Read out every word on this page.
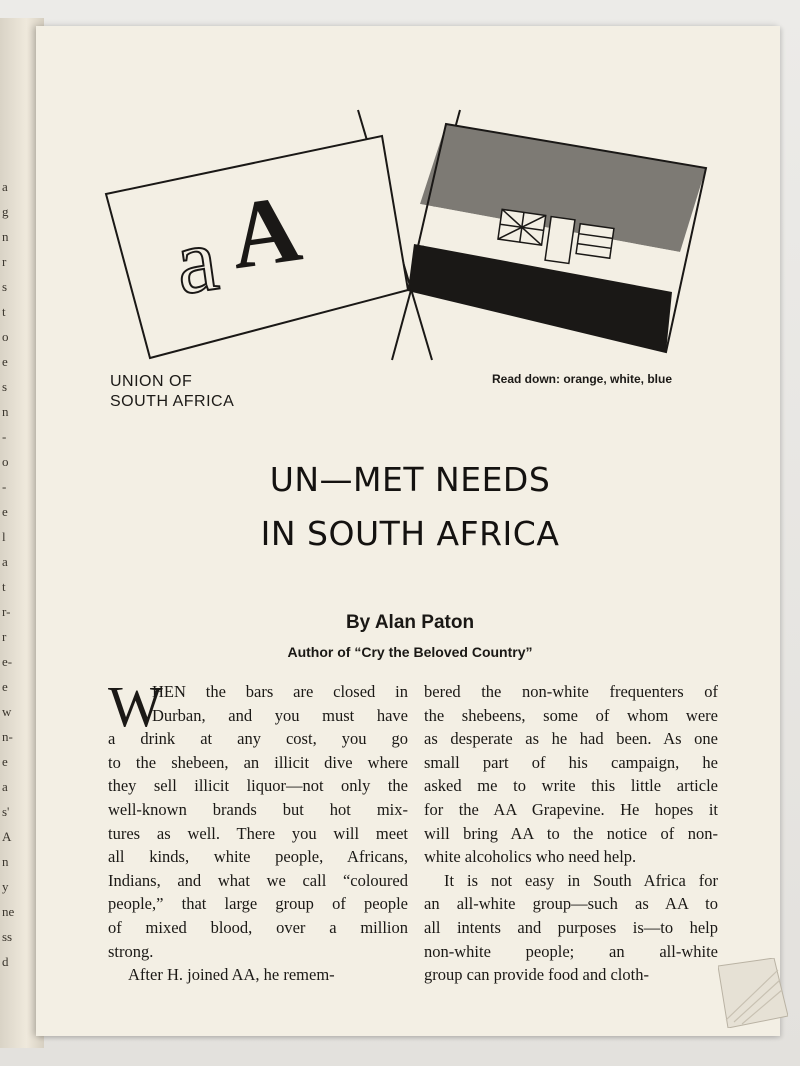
a
g
n
r
s
t
o
e
s
n
-
o
-
e
l
a
t
r-
r
e-
e
w
n-
e
a
s'
A
n
y
ne
ss
d
a A
UNION OF
SOUTH AFRICA
Read down: orange, white, blue
UN—MET NEEDS
IN SOUTH AFRICA
By Alan Paton
Author of “Cry the Beloved Country”
W
HEN the bars are closed in
Durban, and you must have
a drink at any cost, you go
to the shebeen, an illicit dive where
they sell illicit liquor—not only the
well-known brands but hot mix-
tures as well. There you will meet
all kinds, white people, Africans,
Indians, and what we call “coloured
people,” that large group of people
of mixed blood, over a million
strong.
After H. joined AA, he remem-
bered the non-white frequenters of
the shebeens, some of whom were
as desperate as he had been. As one
small part of his campaign, he
asked me to write this little article
for the AA Grapevine. He hopes it
will bring AA to the notice of non-
white alcoholics who need help.
It is not easy in South Africa for
an all-white group—such as AA to
all intents and purposes is—to help
non-white people; an all-white
group can provide food and cloth-
